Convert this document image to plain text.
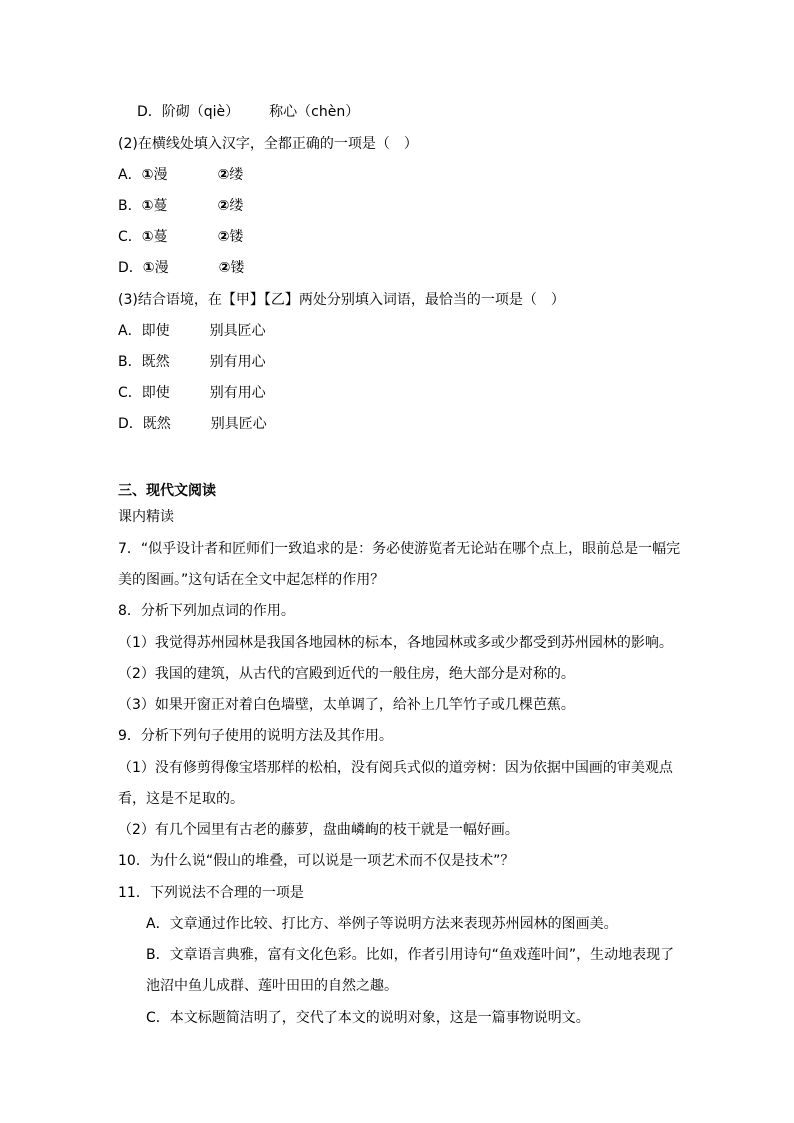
D．阶砌（qiè） 称心（chèn）
(2)在横线处填入汉字，全都正确的一项是（　）
A．①漫	②缕
B．①蔓	②缕
C．①蔓	②镂
D．①漫	②镂
(3)结合语境，在【甲】【乙】两处分别填入词语，最恰当的一项是（　）
A．即使	别具匠心
B．既然	别有用心
C．即使	别有用心
D．既然	别具匠心
三、现代文阅读
课内精读
7．“似乎设计者和匠师们一致追求的是：务必使游览者无论站在哪个点上，眼前总是一幅完
美的图画。”这句话在全文中起怎样的作用？
8．分析下列加点词的作用。
（1）我觉得苏州园林是我国各地园林的标本，各地园林或多或少都受到苏州园林的影响。
（2）我国的建筑，从古代的宫殿到近代的一般住房，绝大部分是对称的。
（3）如果开窗正对着白色墙壁，太单调了，给补上几竿竹子或几棵芭蕉。
9．分析下列句子使用的说明方法及其作用。
（1）没有修剪得像宝塔那样的松柏，没有阅兵式似的道旁树：因为依据中国画的审美观点
看，这是不足取的。
（2）有几个园里有古老的藤萝，盘曲嶙峋的枝干就是一幅好画。
10．为什么说“假山的堆叠，可以说是一项艺术而不仅是技术”？
11．下列说法不合理的一项是
A．文章通过作比较、打比方、举例子等说明方法来表现苏州园林的图画美。
B．文章语言典雅，富有文化色彩。比如，作者引用诗句“鱼戏莲叶间”，生动地表现了
池沼中鱼儿成群、莲叶田田的自然之趣。
C．本文标题简洁明了，交代了本文的说明对象，这是一篇事物说明文。
